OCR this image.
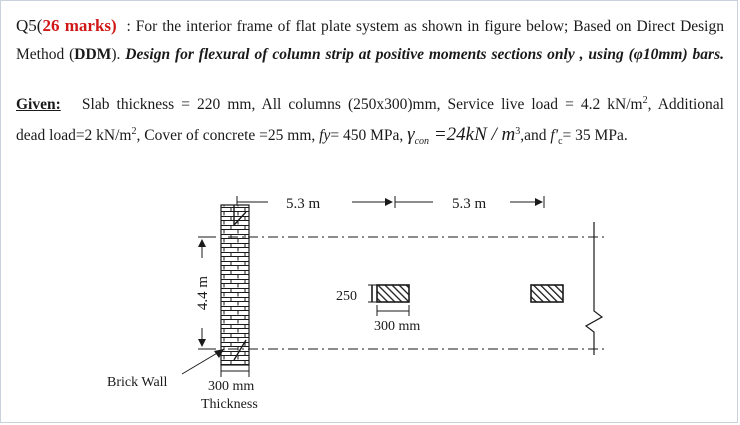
Q5(26 marks) : For the interior frame of flat plate system as shown in figure below; Based on Direct Design Method (DDM). Design for flexural of column strip at positive moments sections only , using (φ10mm) bars.

Given: Slab thickness = 220 mm, All columns (250x300)mm, Service live load = 4.2 $kN/m^2$, Additional

dead load=2 $kN/m^2$, Cover of concrete =25 mm, fy= 450 MPa, $\gamma_{con} =24kN / m^3,and$ $f'_c= 35$ MPa.

5.3 m	5.3 m
4.4 m	250
300 mm
Brick Wall	300 mm
Thickness
